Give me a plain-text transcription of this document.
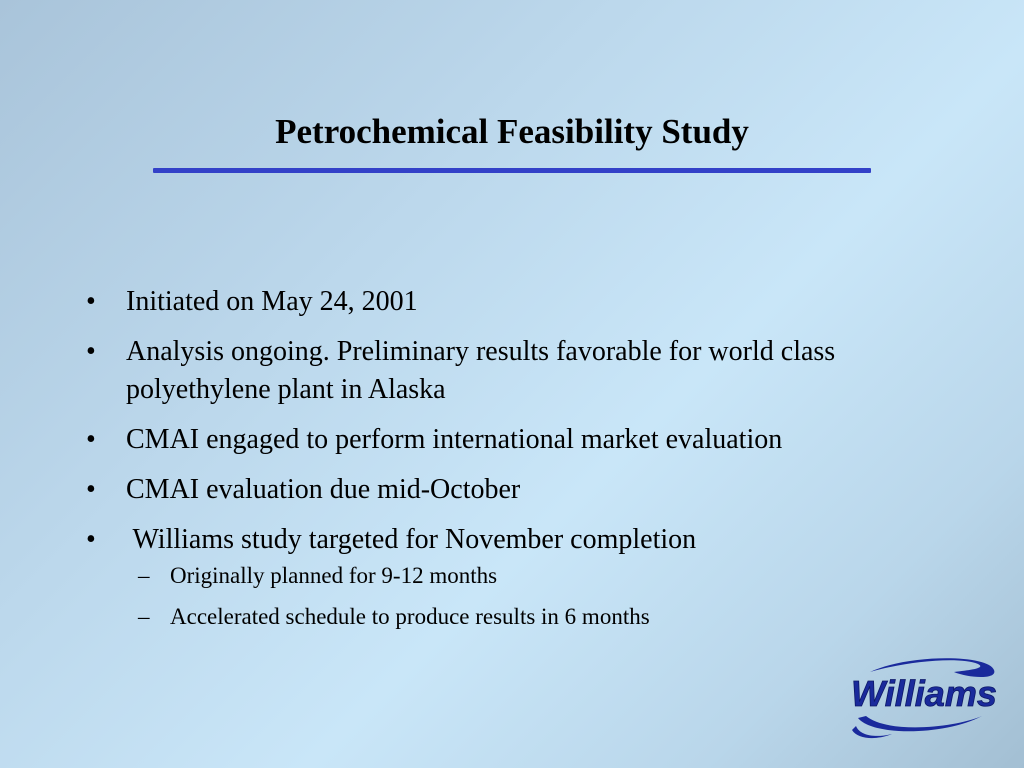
Petrochemical Feasibility Study
• Initiated on May 24, 2001
• Analysis ongoing. Preliminary results favorable for world class polyethylene plant in Alaska
• CMAI engaged to perform international market evaluation
• CMAI evaluation due mid-October
• Williams study targeted for November completion
– Originally planned for 9-12 months
– Accelerated schedule to produce results in 6 months
Williams
